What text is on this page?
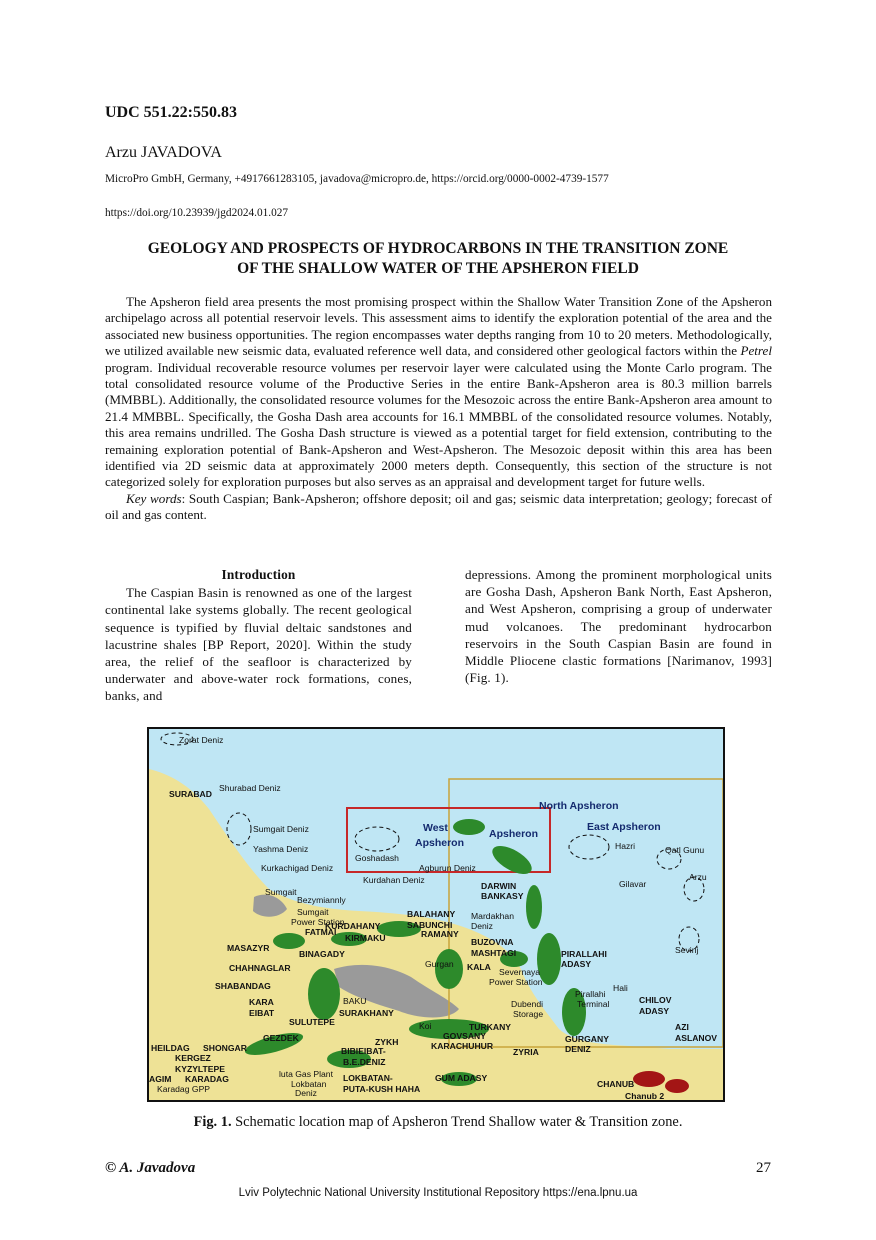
UDC 551.22:550.83
Arzu JAVADOVA
MicroPro GmbH, Germany, +4917661283105, javadova@micropro.de, https://orcid.org/0000-0002-4739-1577
https://doi.org/10.23939/jgd2024.01.027
GEOLOGY AND PROSPECTS OF HYDROCARBONS IN THE TRANSITION ZONE
OF THE SHALLOW WATER OF THE APSHERON FIELD

The Apsheron field area presents the most promising prospect within the Shallow Water Transition Zone of the Apsheron archipelago across all potential reservoir levels. This assessment aims to identify the exploration potential of the area and the associated new business opportunities. The region encompasses water depths ranging from 10 to 20 meters. Methodologically, we utilized available new seismic data, evaluated reference well data, and considered other geological factors within the Petrel program. Individual recoverable resource volumes per reservoir layer were calculated using the Monte Carlo program. The total consolidated resource volume of the Productive Series in the entire Bank-Apsheron area is 80.3 million barrels (MMBBL). Additionally, the consolidated resource volumes for the Mesozoic across the entire Bank-Apsheron area amount to 21.4 MMBBL. Specifically, the Gosha Dash area accounts for 16.1 MMBBL of the consolidated resource volumes. Notably, this area remains undrilled. The Gosha Dash structure is viewed as a potential target for field extension, contributing to the remaining exploration potential of Bank-Apsheron and West-Apsheron. The Mesozoic deposit within this area has been identified via 2D seismic data at approximately 2000 meters depth. Consequently, this section of the structure is not categorized solely for exploration purposes but also serves as an appraisal and development target for future wells.

Key words: South Caspian; Bank-Apsheron; offshore deposit; oil and gas; seismic data interpretation; geology; forecast of oil and gas content.

Introduction

The Caspian Basin is renowned as one of the largest continental lake systems globally. The recent geological sequence is typified by fluvial deltaic sandstones and lacustrine shales [BP Report, 2020]. Within the study area, the relief of the seafloor is characterized by underwater and above-water rock formations, cones, banks, and

depressions. Among the prominent morphological units are Gosha Dash, Apsheron Bank North, East Apsheron, and West Apsheron, comprising a group of underwater mud volcanoes. The predominant hydrocarbon reservoirs in the South Caspian Basin are found in Middle Pliocene clastic formations [Narimanov, 1993] (Fig. 1).

Zorat Deniz
SURABAD
Shurabad Deniz
Sumgait Deniz
Yashma Deniz
Kurkachigad Deniz
Goshadash
West
Apsheron
Apsheron
North Apsheron
East Apsheron
Hazri	Qatl Gunu
Arzu
Gilavar
Agburun Deniz
Kurdahan Deniz
DARWIN
BANKASY
Sumgait
Bezymiannly
Sumgait
Power Station
FATMAI
KURDAHANY
BALAHANY
SABUNCHI
RAMANY
Mardakhan
Deniz
KIRMAKU	BUZOVNA
MASHTAGI
KALA
MASAZYR
BINAGADY
Gurgan
Severnaya
Power Station
PIRALLAHI
ADASY
Sevinj
CHAHNAGLAR
SHABANDAG
KARA
EIBAT
BAKU
SURAKHANY
SULUTEPE
Dubendi
Storage
Hali
Pirallahi
Terminal	CHILOV
ADASY
GEZDEK
Koi	TURKANY
GOVSANY
KARACHUHUR
ZYKH
ZYRIA
GURGANY
DENIZ
AZI
ASLANOV
HEILDAG SHONGAR
KERGEZ
KYZYLTEPE
BIBIEIBAT-
B.E.DENIZ
luta Gas Plant
Lokbatan
Deniz
LOKBATAN-
PUTA-KUSH HAHA
GUM ADASY
CHANUB
Chanub 2
AGIM KARADAG
Karadag GPP
Fig. 1. Schematic location map of Apsheron Trend Shallow water & Transition zone.
© A. Javadova	27
Lviv Polytechnic National University Institutional Repository https://ena.lpnu.ua
